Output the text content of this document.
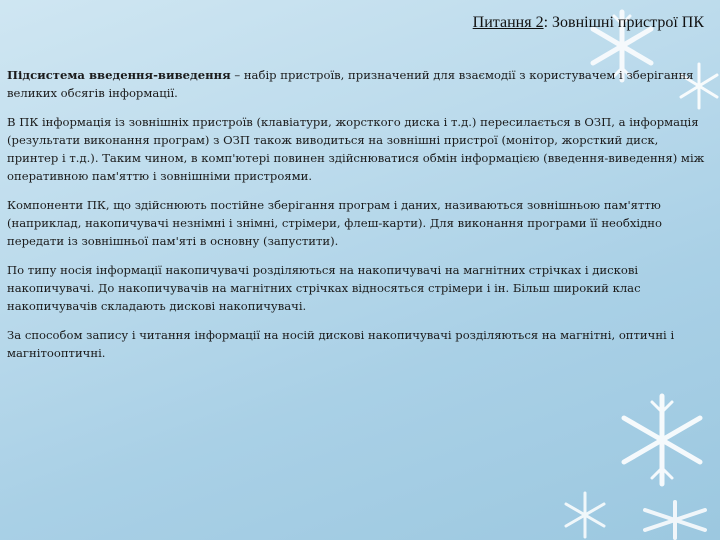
Питання 2: Зовнішні пристрої ПК

Підсистема введення-виведення – набір пристроїв, призначений для взаємодії з користувачем і зберігання великих обсягів інформації.

В ПК інформація із зовнішніх пристроїв (клавіатури, жорсткого диска і т.д.) пересилається в ОЗП, а інформація (результати виконання програм) з ОЗП також виводиться на зовнішні пристрої (монітор, жорсткий диск, принтер і т.д.). Таким чином, в комп'ютері повинен здійснюватися обмін інформацією (введення-виведення) між оперативною пам'яттю і зовнішніми пристроями.

Компоненти ПК, що здійснюють постійне зберігання програм і даних, називаються зовнішньою пам'яттю (наприклад, накопичувачі незнімні і знімні, стрімери, флеш-карти). Для виконання програми її необхідно передати із зовнішньої пам'яті в основну (запустити).

По типу носія інформації накопичувачі розділяються на накопичувачі на магнітних стрічках і дискові накопичувачі. До накопичувачів на магнітних стрічках відносяться стрімери і ін. Більш широкий клас накопичувачів складають дискові накопичувачі.

За способом запису і читання інформації на носій дискові накопичувачі розділяються на магнітні, оптичні і магнітооптичні.
